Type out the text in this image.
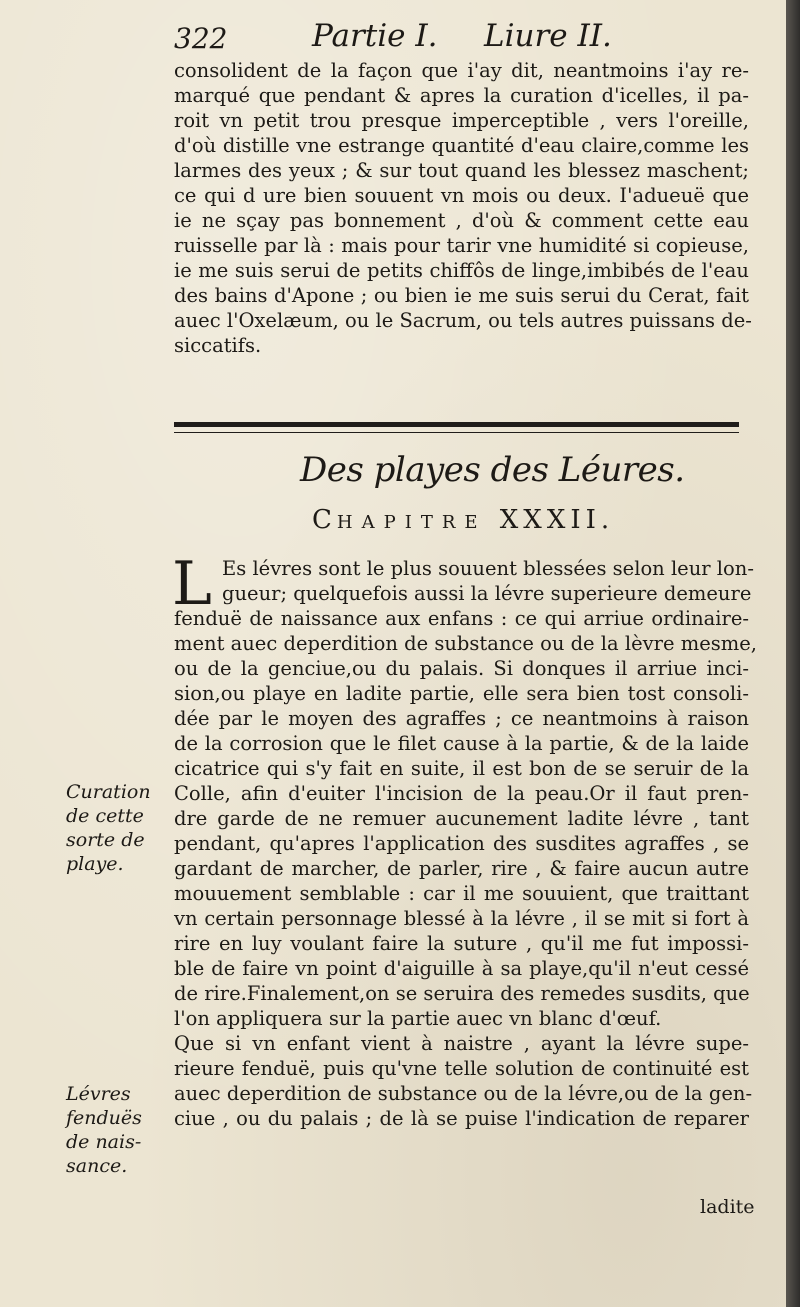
322	Partie I. Liure II.
consolident de la façon que i'ay dit, neantmoins i'ay re-
marqué que pendant & apres la curation d'icelles, il pa-
roit vn petit trou presque imperceptible , vers l'oreille,
d'où distille vne estrange quantité d'eau claire,comme les
larmes des yeux ; & sur tout quand les blessez maschent;
ce qui d ure bien souuent vn mois ou deux. I'adueuë que
ie ne sçay pas bonnement , d'où & comment cette eau
ruisselle par là : mais pour tarir vne humidité si copieuse,
ie me suis serui de petits chiffôs de linge,imbibés de l'eau
des bains d'Apone ; ou bien ie me suis serui du Cerat, fait
auec l'Oxelæum, ou le Sacrum, ou tels autres puissans de-
siccatifs.
Des playes des Léures.
CHAPITRE XXXII.
L Es lévres sont le plus souuent blessées selon leur lon-
gueur; quelquefois aussi la lévre superieure demeure
fenduë de naissance aux enfans : ce qui arriue ordinaire-
ment auec deperdition de substance ou de la lèvre mesme,
ou de la genciue,ou du palais. Si donques il arriue inci-
sion,ou playe en ladite partie, elle sera bien tost consoli-
dée par le moyen des agraffes ; ce neantmoins à raison
de la corrosion que le filet cause à la partie, & de la laide
cicatrice qui s'y fait en suite, il est bon de se seruir de la
Colle, afin d'euiter l'incision de la peau.Or il faut pren-
dre garde de ne remuer aucunement ladite lévre , tant
pendant, qu'apres l'application des susdites agraffes , se
gardant de marcher, de parler, rire , & faire aucun autre
mouuement semblable : car il me souuient, que traittant
vn certain personnage blessé à la lévre , il se mit si fort à
rire en luy voulant faire la suture , qu'il me fut impossi-
ble de faire vn point d'aiguille à sa playe,qu'il n'eut cessé
de rire.Finalement,on se seruira des remedes susdits, que
l'on appliquera sur la partie auec vn blanc d'œuf.
Que si vn enfant vient à naistre , ayant la lévre supe-
rieure fenduë, puis qu'vne telle solution de continuité est
auec deperdition de substance ou de la lévre,ou de la gen-
ciue , ou du palais ; de là se puise l'indication de reparer
ladite
Curation
de cette
sorte de
playe.
Lévres
fenduës
de nais-
sance.
